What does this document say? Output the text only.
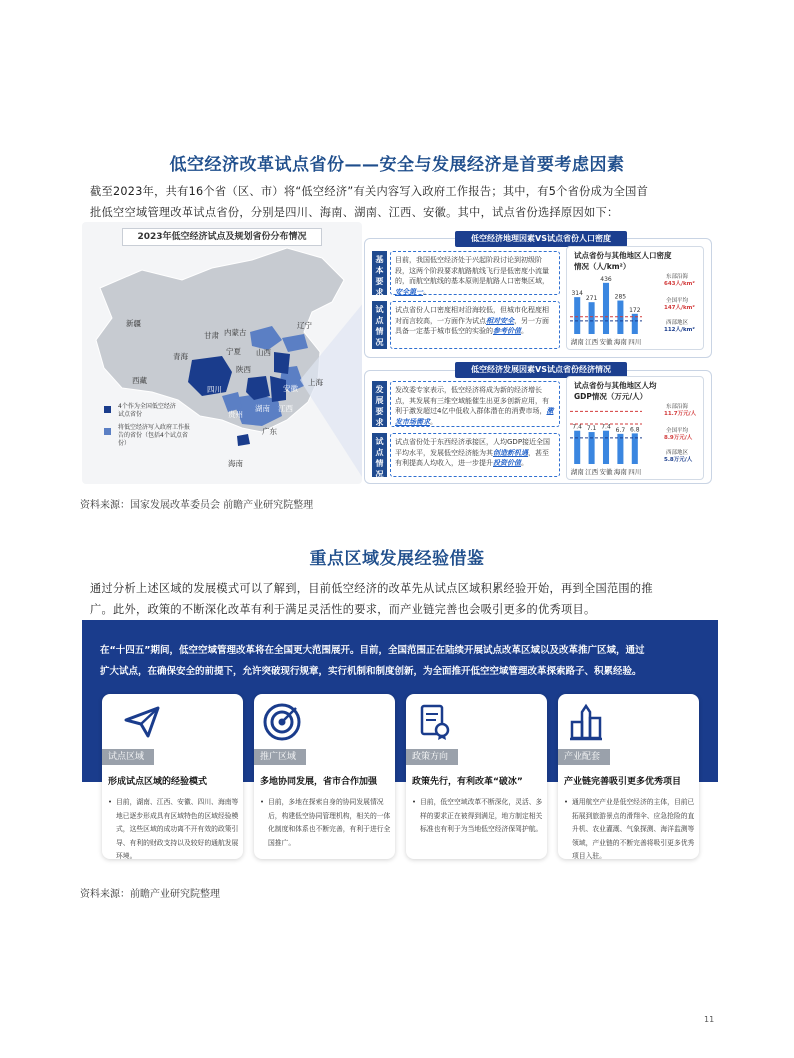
低空经济改革试点省份——安全与发展经济是首要考虑因素
截至2023年，共有16个省（区、市）将“低空经济”有关内容写入政府工作报告；其中，有5个省份成为全国首
批低空空域管理改革试点省份，分别是四川、海南、湖南、江西、安徽。其中，试点省份选择原因如下：
2023年低空经济试点及规划省份分布情况
新疆
西藏
青海
甘肃 内蒙古
宁夏
陕西
山西
辽宁
四川
湖南 江西
安徽
贵州
广东
上海
海南
4个作为全国低空经济试点省份
将低空经济写入政府工作报告的省份（包括4个试点省份）
低空经济地理因素VS试点省份人口密度
基本要求
目前，我国低空经济处于兴起阶段讨论到初级阶段，这两个阶段要求航路航线飞行是低密度小流量的，而航空航线的基本原则是航路人口密集区域，安全第一。
试点情况
试点省份人口密度相对沿海较低，但城市化程度相对而言较高，一方面作为试点相对安全，另一方面具备一定基于城市低空的实验的参考价值。
试点省份与其他地区人口密度情况（人/km²）
314
湖南
271
江西
436
安徽
285
海南
172
四川
东部沿海
643人/km²
全国平均
147人/km²
西部地区
112人/km²
低空经济发展因素VS试点省份经济情况
发展要求
发改委专家表示，低空经济将成为新的经济增长点，其发展有三维空域能催生出更多创新应用，有利于激发超过4亿中低收入群体潜在的消费市场，激发市场需求。
试点情况
试点省份处于东西经济承接区，人均GDP接近全国平均水平，发展低空经济能为其创造新机遇，甚至有利提高人均收入，进一步提升投资价值。
试点省份与其他地区人均GDP情况（万元/人）
7.4
湖南
7.1
江西
7.4
安徽
6.7
海南
6.8
四川
东部沿海
11.7万元/人
全国平均
8.9万元/人
西部地区
5.8万元/人
资料来源：国家发展改革委员会 前瞻产业研究院整理
重点区域发展经验借鉴
通过分析上述区域的发展模式可以了解到，目前低空经济的改革先从试点区域积累经验开始，再到全国范围的推
广。此外，政策的不断深化改革有利于满足灵活性的要求，而产业链完善也会吸引更多的优秀项目。
在“十四五”期间，低空空域管理改革将在全国更大范围展开。目前，全国范围正在陆续开展试点改革区域以及改革推广区域，通过
扩大试点，在确保安全的前提下，允许突破现行规章，实行机制和制度创新，为全面推开低空空域管理改革探索路子、积累经验。
试点区域
形成试点区域的经验模式
• 目前，湖南、江西、安徽、四川、海南等地已逐步形成具有区域特色的区域经验模式，这些区域的成功离不开有效的政策引导、有利的财政支持以及较好的通航发展环境。
推广区域
多地协同发展，省市合作加强
• 目前，多地在探索自身的协同发展情况后，构建低空协同管理机构，相关的一体化制度和体系也不断完善，有利于进行全国推广。
政策方向
政策先行，有利改革“破冰”
• 目前，低空空域改革不断深化，灵活、多样的要求正在被得到满足，地方制定相关标准也有利于为当地低空经济保驾护航。
产业配套
产业链完善吸引更多优秀项目
• 通用航空产业是低空经济的主体，目前已拓展到旅游景点的滑翔伞、应急抢险的直升机、农业灌溉、气象探测、海洋监测等领域，产业链的不断完善将吸引更多优秀项目入驻。
资料来源：前瞻产业研究院整理
11
